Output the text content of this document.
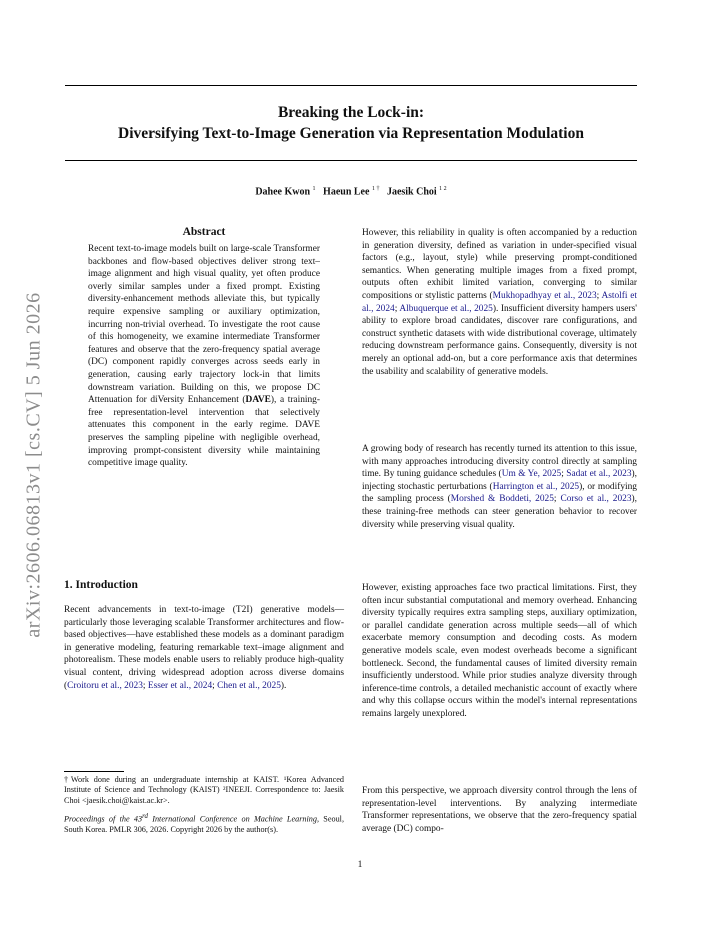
arXiv:2606.06813v1 [cs.CV] 5 Jun 2026
Breaking the Lock-in:
Diversifying Text-to-Image Generation via Representation Modulation
Dahee Kwon $^1$ Haeun Lee $^{1 \dagger}$ Jaesik Choi $^{1 2}$
Abstract
Recent text-to-image models built on large-scale Transformer backbones and flow-based objectives deliver strong text–image alignment and high visual quality, yet often produce overly similar samples under a fixed prompt. Existing diversity-enhancement methods alleviate this, but typically require expensive sampling or auxiliary optimization, incurring non-trivial overhead. To investigate the root cause of this homogeneity, we examine intermediate Transformer features and observe that the zero-frequency spatial average (DC) component rapidly converges across seeds early in generation, causing early trajectory lock-in that limits downstream variation. Building on this, we propose DC Attenuation for diVersity Enhancement (DAVE), a training-free representation-level intervention that selectively attenuates this component in the early regime. DAVE preserves the sampling pipeline with negligible overhead, improving prompt-consistent diversity while maintaining competitive image quality.
1. Introduction
Recent advancements in text-to-image (T2I) generative models—particularly those leveraging scalable Transformer architectures and flow-based objectives—have established these models as a dominant paradigm in generative modeling, featuring remarkable text–image alignment and photorealism. These models enable users to reliably produce high-quality visual content, driving widespread adoption across diverse domains (Croitoru et al., 2023; Esser et al., 2024; Chen et al., 2025).
†Work done during an undergraduate internship at KAIST. ¹Korea Advanced Institute of Science and Technology (KAIST) ²INEEJI. Correspondence to: Jaesik Choi <jaesik.choi@kaist.ac.kr>.
Proceedings of the 43rd International Conference on Machine Learning, Seoul, South Korea. PMLR 306, 2026. Copyright 2026 by the author(s).
However, this reliability in quality is often accompanied by a reduction in generation diversity, defined as variation in under-specified visual factors (e.g., layout, style) while preserving prompt-conditioned semantics. When generating multiple images from a fixed prompt, outputs often exhibit limited variation, converging to similar compositions or stylistic patterns (Mukhopadhyay et al., 2023; Astolfi et al., 2024; Albuquerque et al., 2025). Insufficient diversity hampers users' ability to explore broad candidates, discover rare configurations, and construct synthetic datasets with wide distributional coverage, ultimately reducing downstream performance gains. Consequently, diversity is not merely an optional add-on, but a core performance axis that determines the usability and scalability of generative models.
A growing body of research has recently turned its attention to this issue, with many approaches introducing diversity control directly at sampling time. By tuning guidance schedules (Um & Ye, 2025; Sadat et al., 2023), injecting stochastic perturbations (Harrington et al., 2025), or modifying the sampling process (Morshed & Boddeti, 2025; Corso et al., 2023), these training-free methods can steer generation behavior to recover diversity while preserving visual quality.
However, existing approaches face two practical limitations. First, they often incur substantial computational and memory overhead. Enhancing diversity typically requires extra sampling steps, auxiliary optimization, or parallel candidate generation across multiple seeds—all of which exacerbate memory consumption and decoding costs. As modern generative models scale, even modest overheads become a significant bottleneck. Second, the fundamental causes of limited diversity remain insufficiently understood. While prior studies analyze diversity through inference-time controls, a detailed mechanistic account of exactly where and why this collapse occurs within the model's internal representations remains largely unexplored.
From this perspective, we approach diversity control through the lens of representation-level interventions. By analyzing intermediate Transformer representations, we observe that the zero-frequency spatial average (DC) compo-
1
